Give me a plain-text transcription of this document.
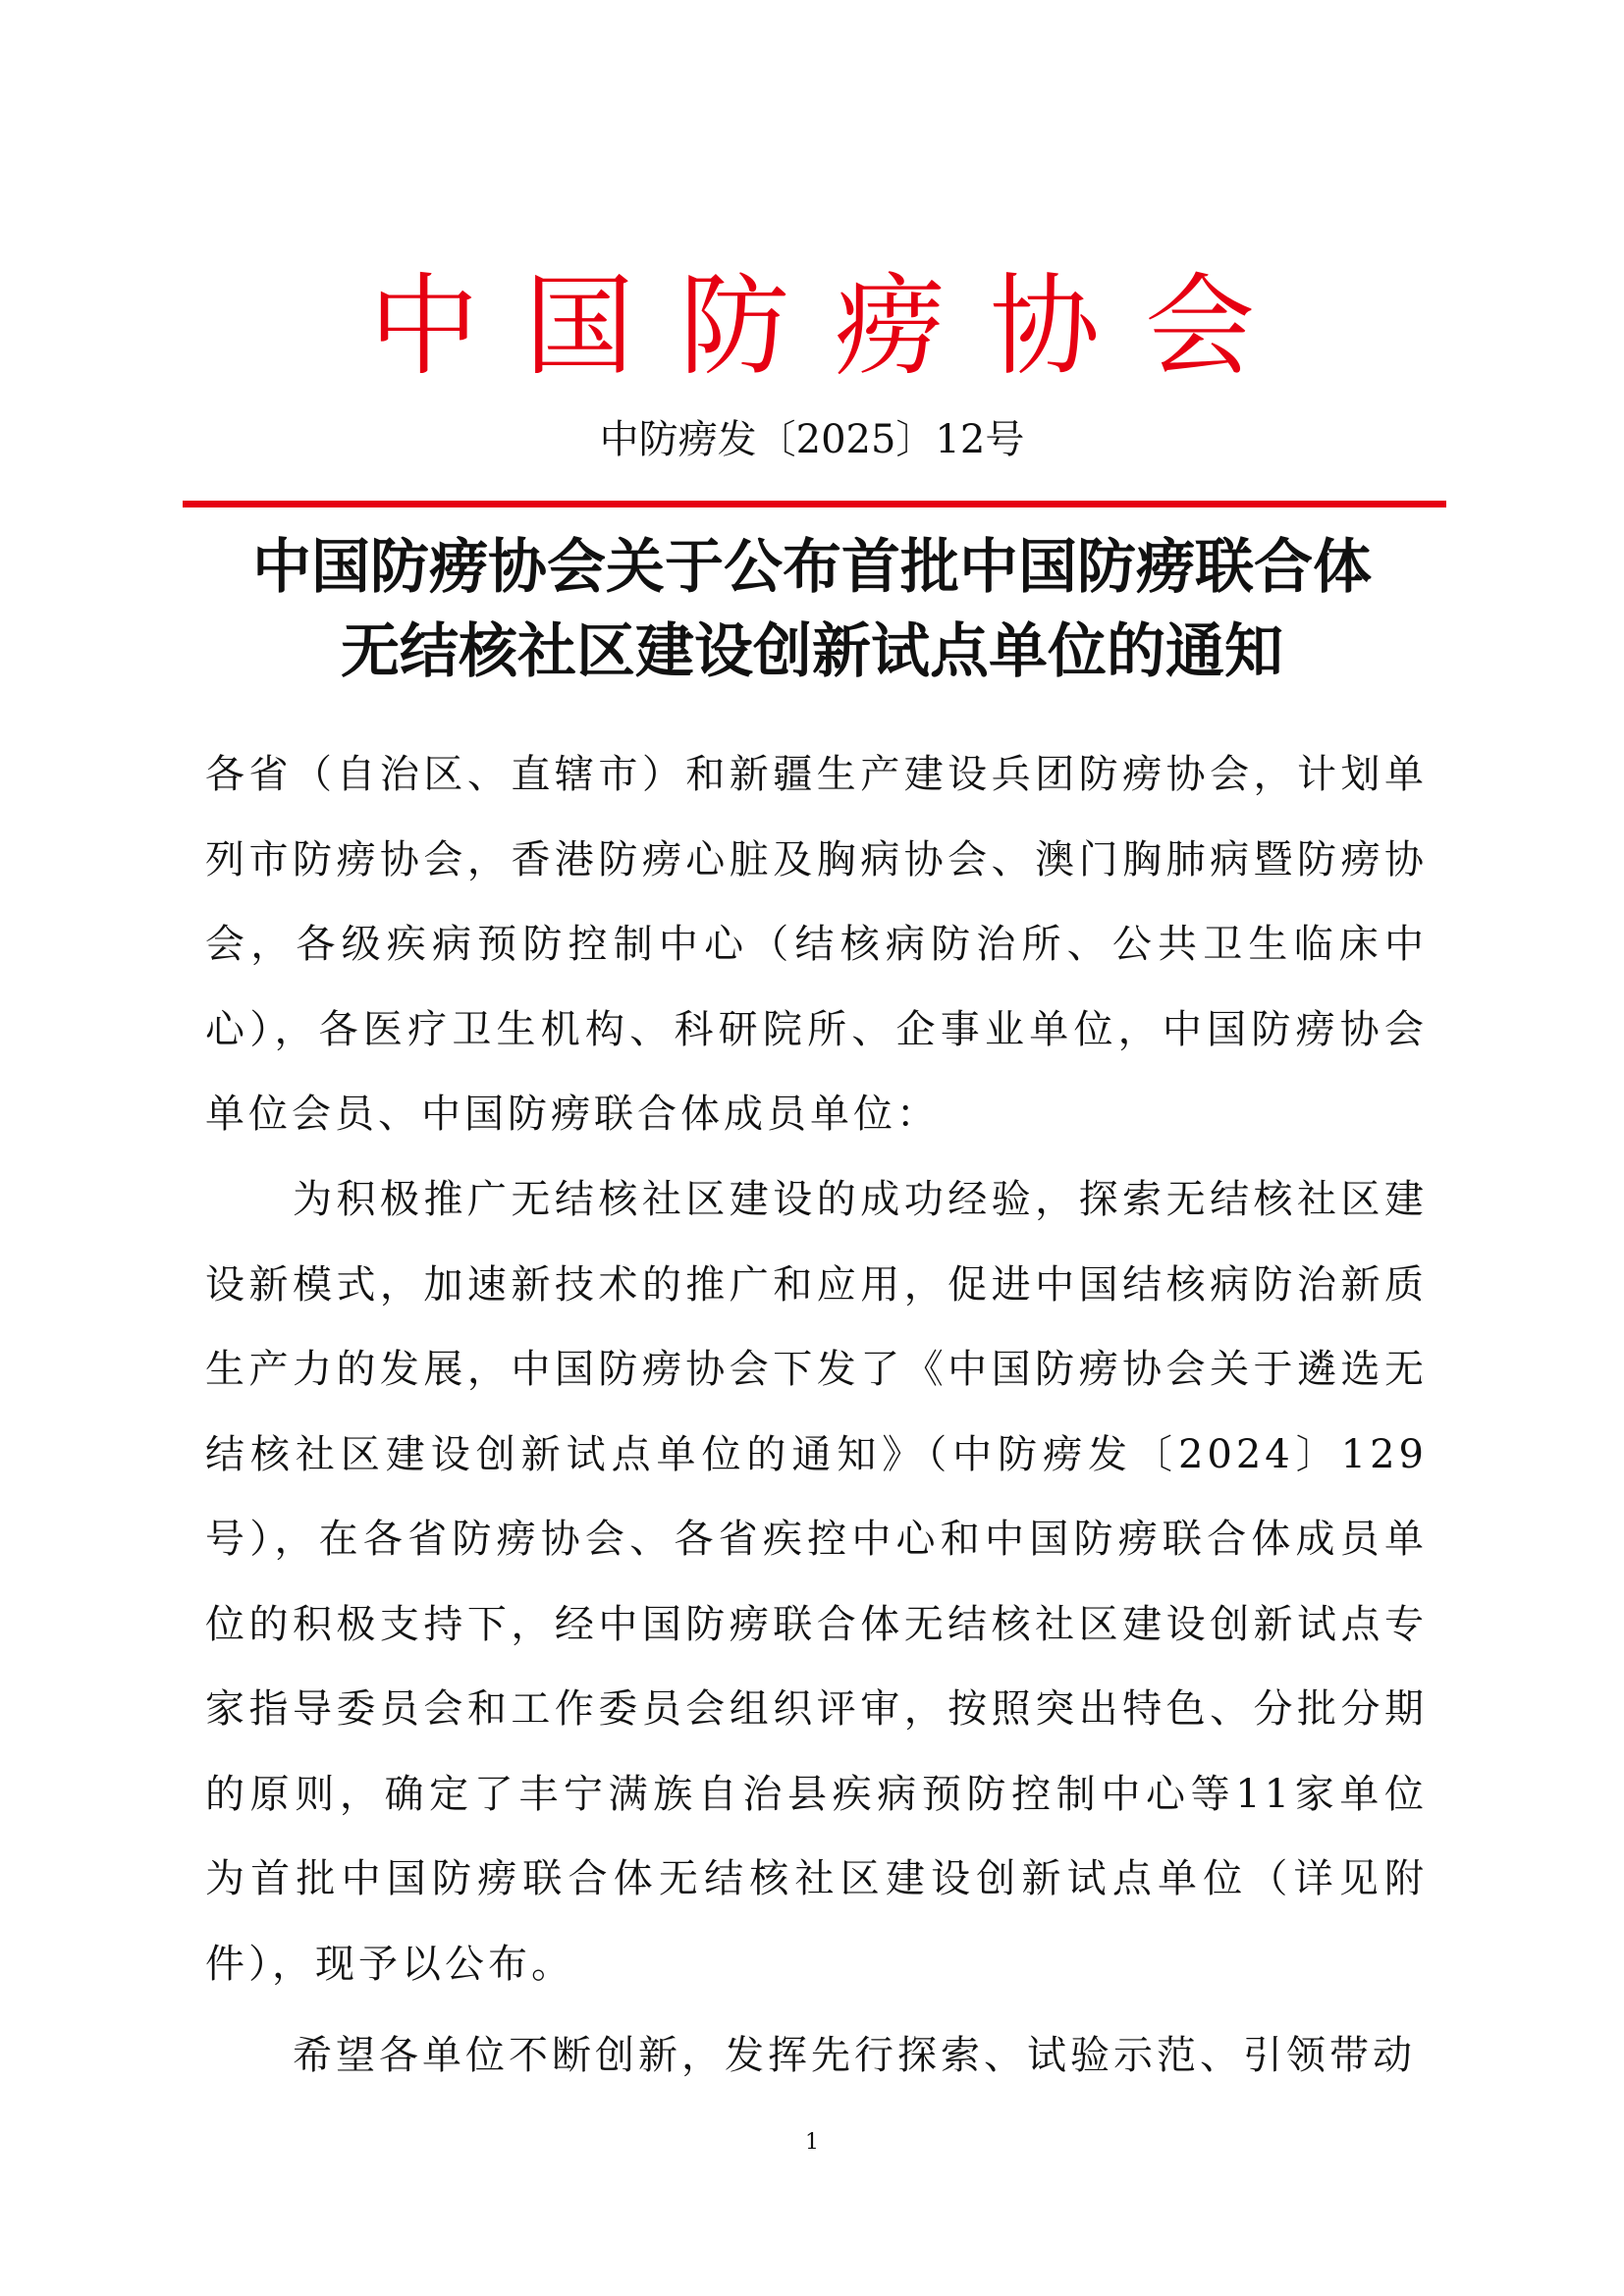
中国防痨协会
中防痨发〔2025〕12号
中国防痨协会关于公布首批中国防痨联合体
无结核社区建设创新试点单位的通知

各省（自治区、直辖市）和新疆生产建设兵团防痨协会，计划单列市防痨协会，香港防痨心脏及胸病协会、澳门胸肺病暨防痨协会，各级疾病预防控制中心（结核病防治所、公共卫生临床中心），各医疗卫生机构、科研院所、企事业单位，中国防痨协会单位会员、中国防痨联合体成员单位：

为积极推广无结核社区建设的成功经验，探索无结核社区建设新模式，加速新技术的推广和应用，促进中国结核病防治新质生产力的发展，中国防痨协会下发了《中国防痨协会关于遴选无结核社区建设创新试点单位的通知》（中防痨发〔2024〕129号），在各省防痨协会、各省疾控中心和中国防痨联合体成员单位的积极支持下，经中国防痨联合体无结核社区建设创新试点专家指导委员会和工作委员会组织评审，按照突出特色、分批分期的原则，确定了丰宁满族自治县疾病预防控制中心等11家单位为首批中国防痨联合体无结核社区建设创新试点单位（详见附件），现予以公布。

希望各单位不断创新，发挥先行探索、试验示范、引领带动

1
